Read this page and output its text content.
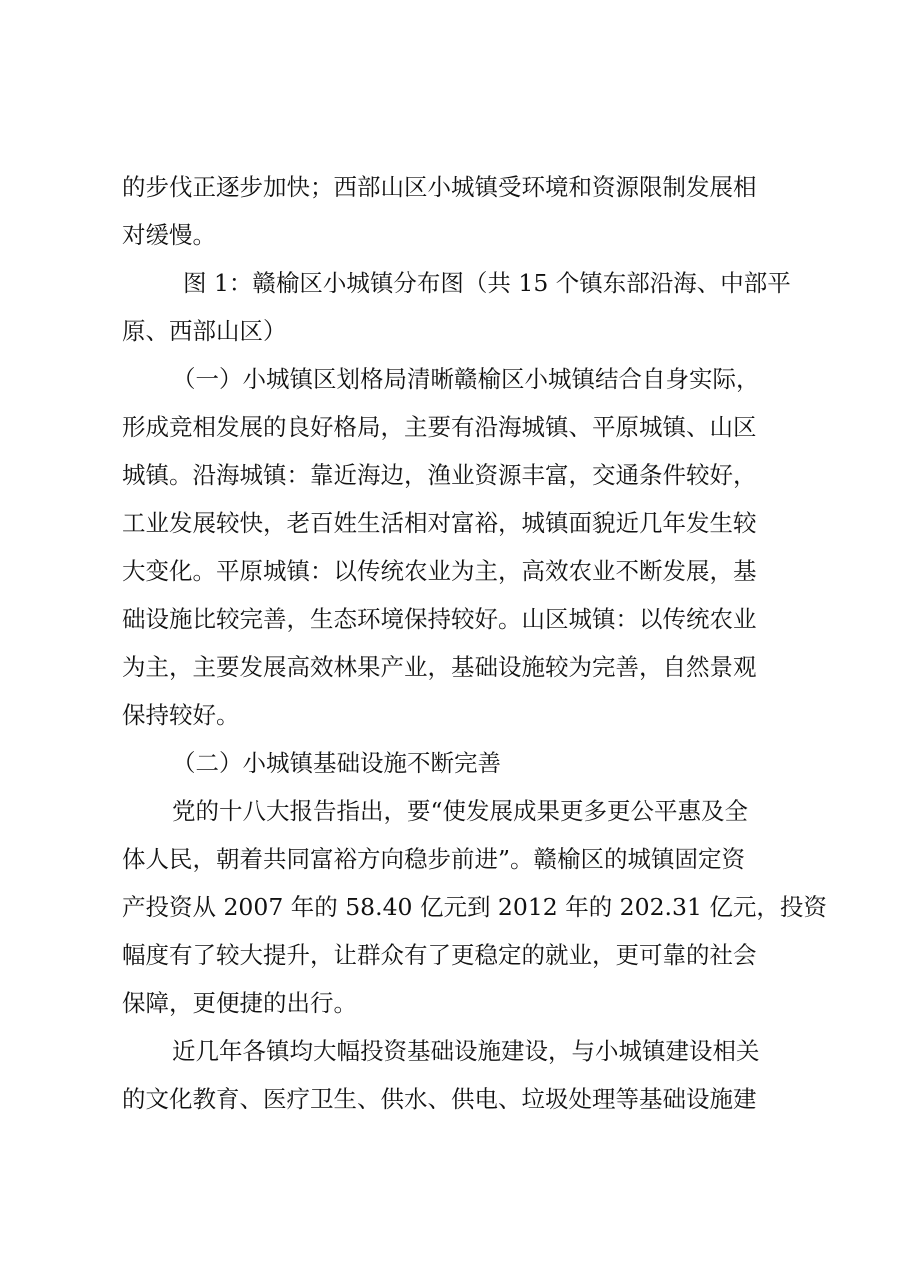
的步伐正逐步加快；西部山区小城镇受环境和资源限制发展相
对缓慢。
图 1：赣榆区小城镇分布图（共 15 个镇东部沿海、中部平
原、西部山区）
（一）小城镇区划格局清晰赣榆区小城镇结合自身实际，
形成竞相发展的良好格局，主要有沿海城镇、平原城镇、山区
城镇。沿海城镇：靠近海边，渔业资源丰富，交通条件较好，
工业发展较快，老百姓生活相对富裕，城镇面貌近几年发生较
大变化。平原城镇：以传统农业为主，高效农业不断发展，基
础设施比较完善，生态环境保持较好。山区城镇：以传统农业
为主，主要发展高效林果产业，基础设施较为完善，自然景观
保持较好。
（二）小城镇基础设施不断完善
党的十八大报告指出，要“使发展成果更多更公平惠及全
体人民，朝着共同富裕方向稳步前进”。赣榆区的城镇固定资
产投资从 2007 年的 58.40 亿元到 2012 年的 202.31 亿元，投资
幅度有了较大提升，让群众有了更稳定的就业，更可靠的社会
保障，更便捷的出行。
近几年各镇均大幅投资基础设施建设，与小城镇建设相关
的文化教育、医疗卫生、供水、供电、垃圾处理等基础设施建
